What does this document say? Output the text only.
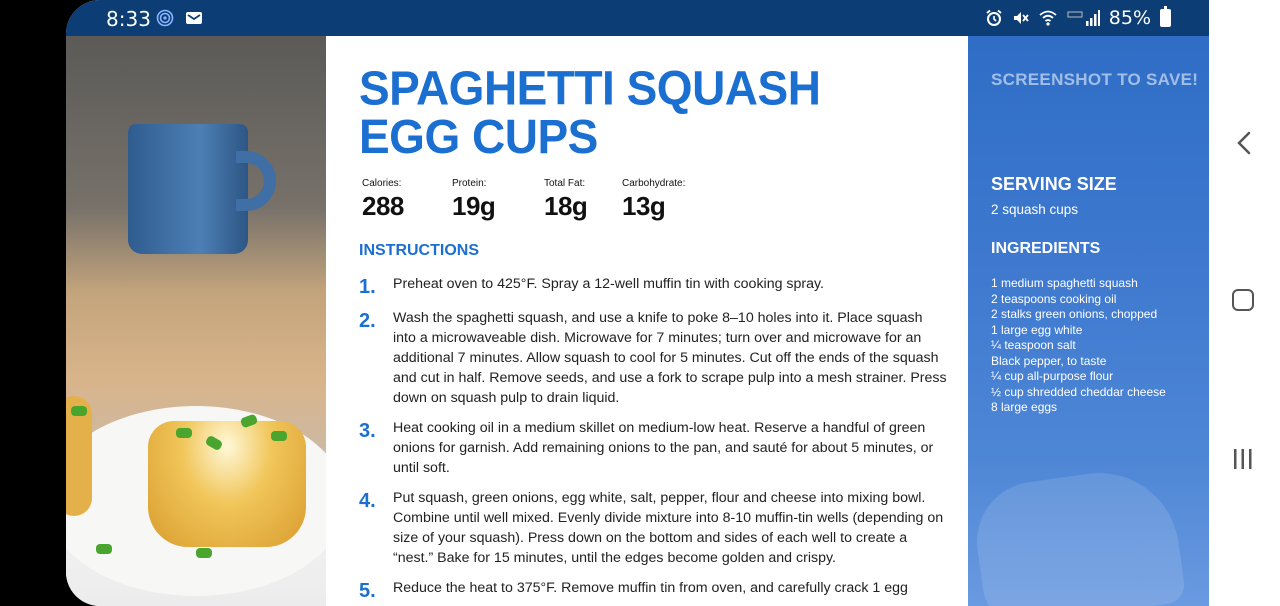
8:33	85%
SPAGHETTI SQUASH
EGG CUPS
Calories:
288
Protein:
19g
Total Fat:
18g
Carbohydrate:
13g
INSTRUCTIONS
1.	Preheat oven to 425°F. Spray a 12-well muffin tin with cooking spray.
2.	Wash the spaghetti squash, and use a knife to poke 8–10 holes into it. Place squash into a microwaveable dish. Microwave for 7 minutes; turn over and microwave for an additional 7 minutes. Allow squash to cool for 5 minutes. Cut off the ends of the squash and cut in half. Remove seeds, and use a fork to scrape pulp into a mesh strainer. Press down on squash pulp to drain liquid.
3.	Heat cooking oil in a medium skillet on medium-low heat. Reserve a handful of green onions for garnish. Add remaining onions to the pan, and sauté for about 5 minutes, or until soft.
4.	Put squash, green onions, egg white, salt, pepper, flour and cheese into mixing bowl. Combine until well mixed. Evenly divide mixture into 8-10 muffin-tin wells (depending on size of your squash). Press down on the bottom and sides of each well to create a “nest.” Bake for 15 minutes, until the edges become golden and crispy.
5.	Reduce the heat to 375°F. Remove muffin tin from oven, and carefully crack 1 egg
SCREENSHOT TO SAVE!
SERVING SIZE
2 squash cups
INGREDIENTS
1 medium spaghetti squash
2 teaspoons cooking oil
2 stalks green onions, chopped
1 large egg white
¼ teaspoon salt
Black pepper, to taste
¼ cup all-purpose flour
½ cup shredded cheddar cheese
8 large eggs
